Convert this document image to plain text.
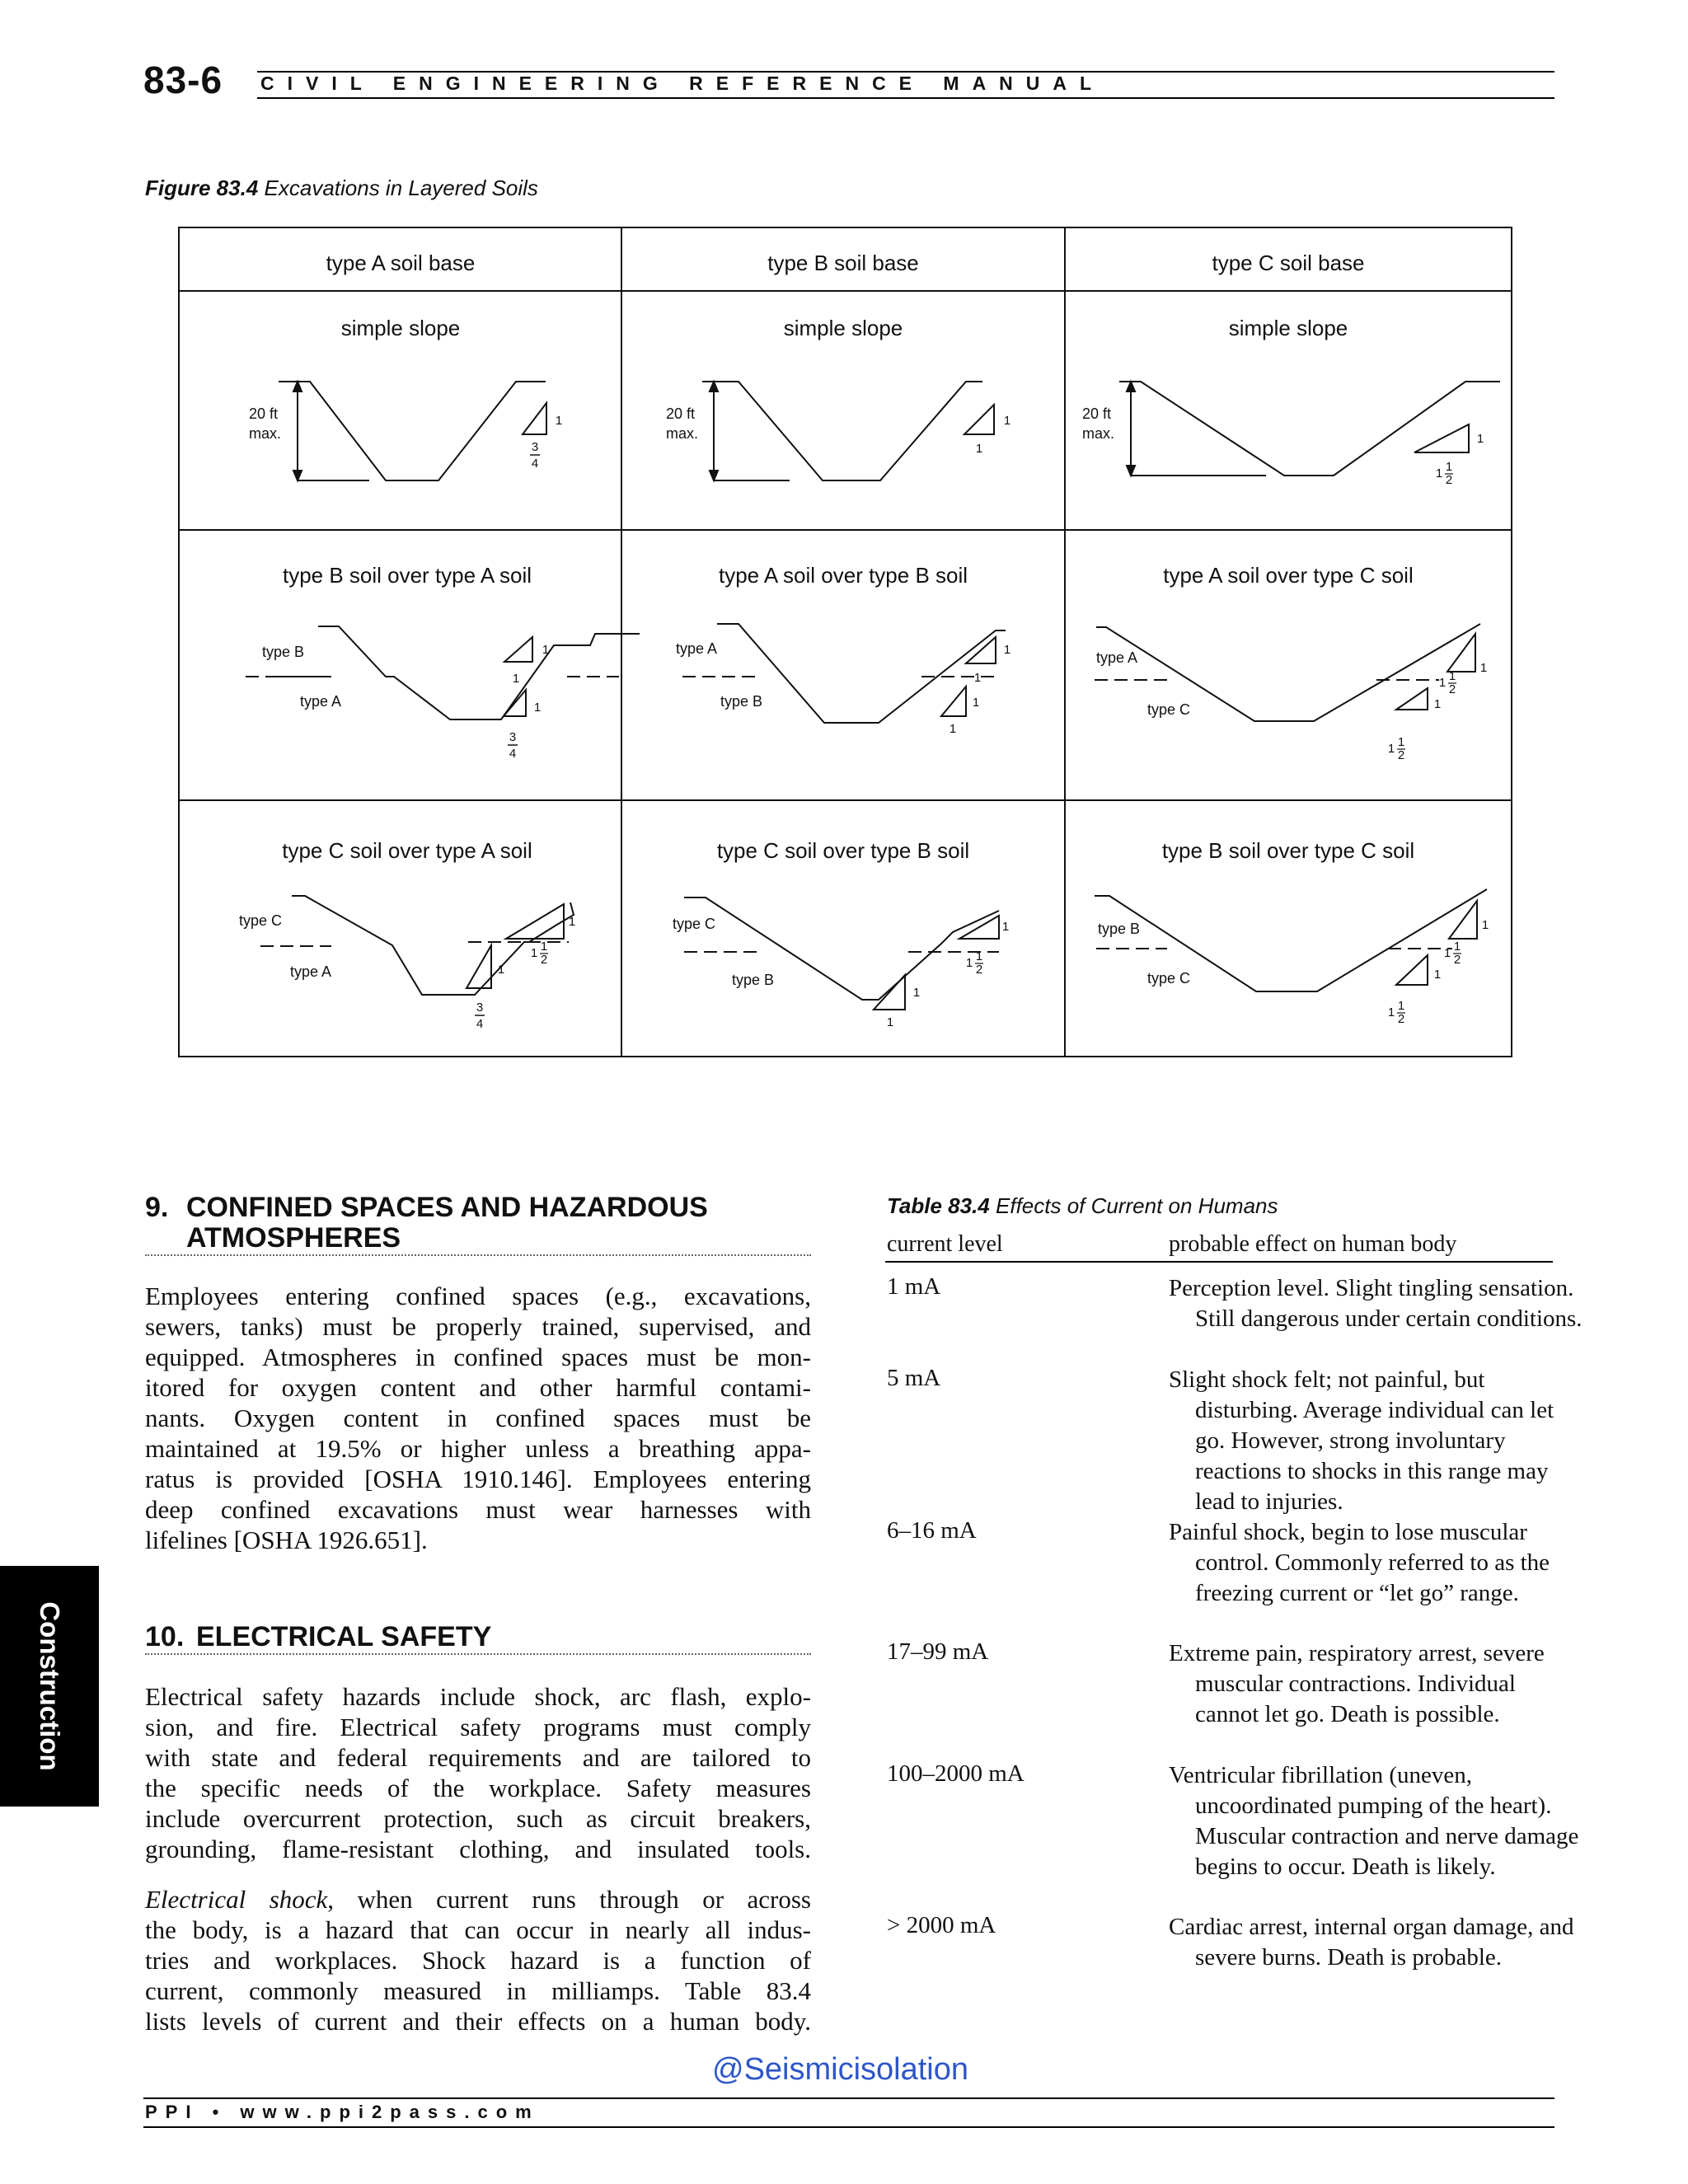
83-6 CIVIL ENGINEERING REFERENCE MANUAL
Figure 83.4 Excavations in Layered Soils
type A soil base	type B soil base	type C soil base
simple slope	simple slope	simple slope
20 ft
max.
1
3
4
20 ft
max.
1
1
20 ft
max.	1
1 1
2
type B soil over type A soil	type A soil over type B soil	type A soil over type C soil
type B
type A
1
1
1
3
4
type A
type B
1
1
1
1
type A
type C
1
1
1 1
2
1 1
2
type C soil over type A soil	type C soil over type B soil	type B soil over type C soil
type C
type A
1
1
1 1
2
3
4
type C
type B
1
1
1
1 1
2
type B
type C
1
1
1 1
2
1 1
2
9. CONFINED SPACES AND HAZARDOUS
ATMOSPHERES
Employees entering confined spaces (e.g., excavations,
sewers, tanks) must be properly trained, supervised, and
equipped. Atmospheres in confined spaces must be mon-
itored for oxygen content and other harmful contami-
nants. Oxygen content in confined spaces must be
maintained at 19.5% or higher unless a breathing appa-
ratus is provided [OSHA 1910.146]. Employees entering
deep confined excavations must wear harnesses with
lifelines [OSHA 1926.651].
10. ELECTRICAL SAFETY
Electrical safety hazards include shock, arc flash, explo-
sion, and fire. Electrical safety programs must comply
with state and federal requirements and are tailored to
the specific needs of the workplace. Safety measures
include overcurrent protection, such as circuit breakers,
grounding, flame-resistant clothing, and insulated tools.
Electrical shock, when current runs through or across
the body, is a hazard that can occur in nearly all indus-
tries and workplaces. Shock hazard is a function of
current, commonly measured in milliamps. Table 83.4
lists levels of current and their effects on a human body.
Construction
Table 83.4 Effects of Current on Humans
current level	probable effect on human body
1 mA	Perception level. Slight tingling sensation. Still dangerous under certain conditions.
5 mA	Slight shock felt; not painful, but disturbing. Average individual can let go. However, strong involuntary reactions to shocks in this range may lead to injuries.
6–16 mA	Painful shock, begin to lose muscular control. Commonly referred to as the freezing current or “let go” range.
17–99 mA	Extreme pain, respiratory arrest, severe muscular contractions. Individual cannot let go. Death is possible.
100–2000 mA	Ventricular fibrillation (uneven, uncoordinated pumping of the heart). Muscular contraction and nerve damage begins to occur. Death is likely.
> 2000 mA	Cardiac arrest, internal organ damage, and severe burns. Death is probable.
@Seismicisolation
PPI • www.ppi2pass.com
